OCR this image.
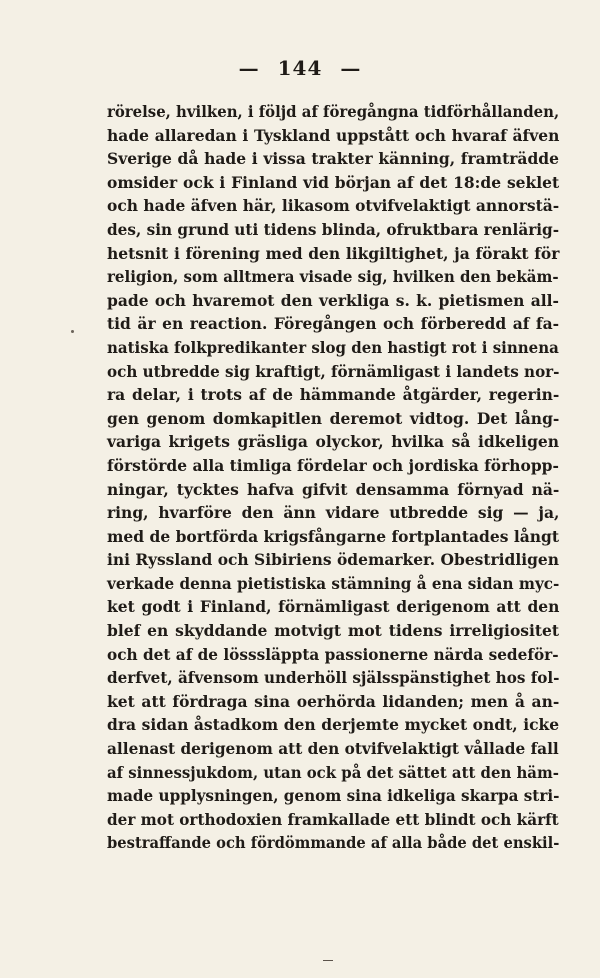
— 144 —
rörelse, hvilken, i följd af föregångna tidförhållanden,
hade allaredan i Tyskland uppstått och hvaraf äfven
Sverige då hade i vissa trakter känning, framträdde
omsider ock i Finland vid början af det 18:de seklet
och hade äfven här, likasom otvifvelaktigt annorstä-
des, sin grund uti tidens blinda, ofruktbara renlärig-
hetsnit i förening med den likgiltighet, ja förakt för
religion, som alltmera visade sig, hvilken den bekäm-
pade och hvaremot den verkliga s. k. pietismen all-
tid är en reaction. Föregången och förberedd af fa-
natiska folkpredikanter slog den hastigt rot i sinnena
och utbredde sig kraftigt, förnämligast i landets nor-
ra delar, i trots af de hämmande åtgärder, regerin-
gen genom domkapitlen deremot vidtog. Det lång-
variga krigets gräsliga olyckor, hvilka så idkeligen
förstörde alla timliga fördelar och jordiska förhopp-
ningar, tycktes hafva gifvit densamma förnyad nä-
ring, hvarföre den änn vidare utbredde sig — ja,
med de bortförda krigsfångarne fortplantades långt
ini Ryssland och Sibiriens ödemarker. Obestridligen
verkade denna pietistiska stämning å ena sidan myc-
ket godt i Finland, förnämligast derigenom att den
blef en skyddande motvigt mot tidens irreligiositet
och det af de lösssläppta passionerne närda sedeför-
derfvet, äfvensom underhöll själsspänstighet hos fol-
ket att fördraga sina oerhörda lidanden; men å an-
dra sidan åstadkom den derjemte mycket ondt, icke
allenast derigenom att den otvifvelaktigt vållade fall
af sinnessjukdom, utan ock på det sättet att den häm-
made upplysningen, genom sina idkeliga skarpa stri-
der mot orthodoxien framkallade ett blindt och kärft
bestraffande och fördömmande af alla både det enskil-
